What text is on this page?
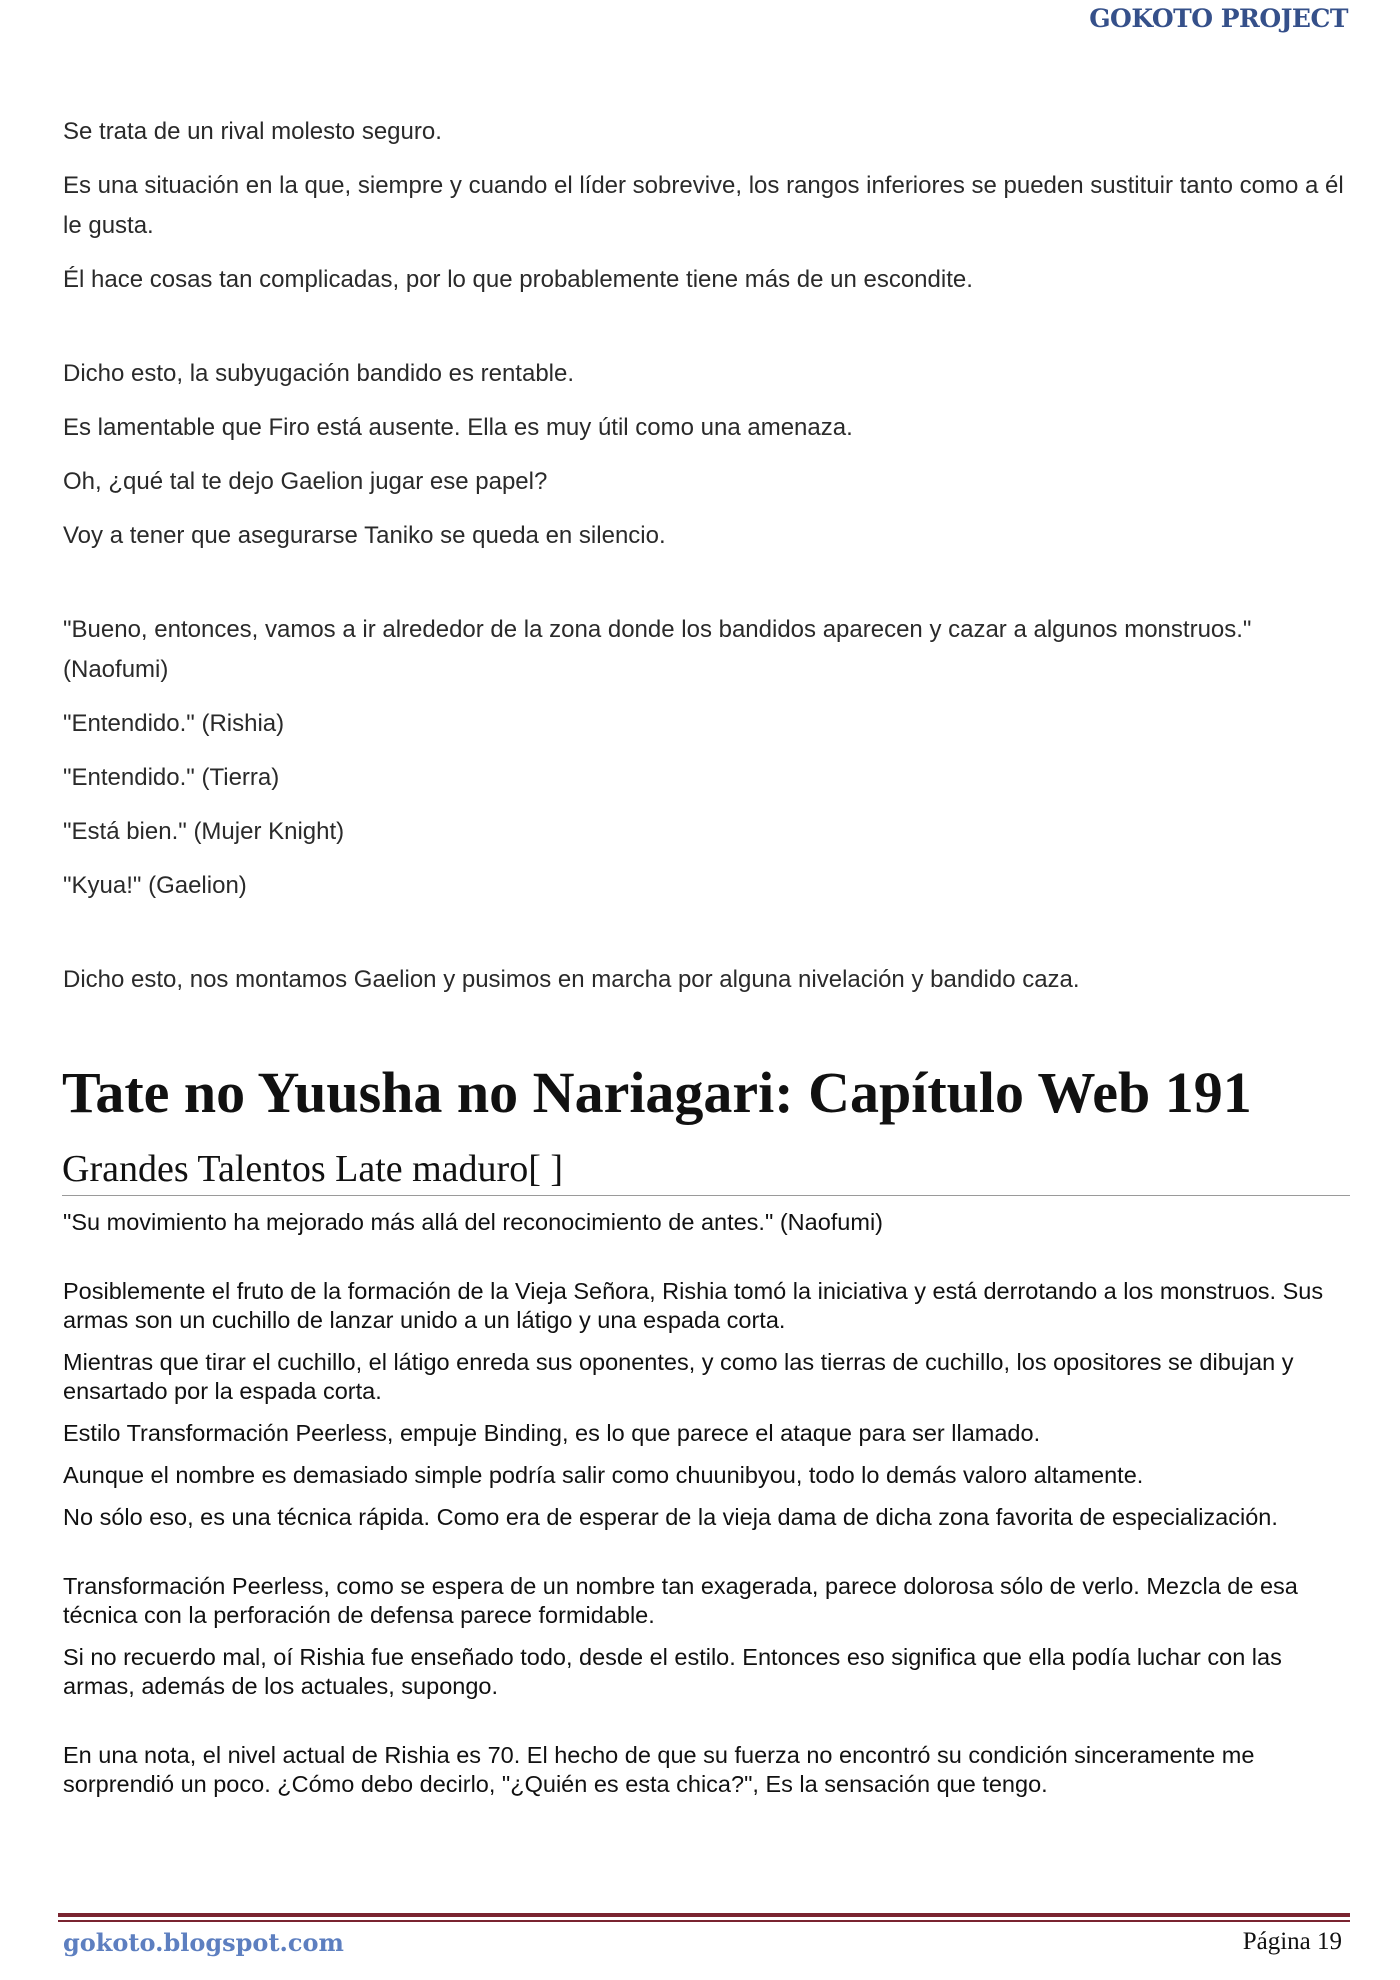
GOKOTO PROJECT

Se trata de un rival molesto seguro.

Es una situación en la que, siempre y cuando el líder sobrevive, los rangos inferiores se pueden sustituir tanto como a él le gusta.

Él hace cosas tan complicadas, por lo que probablemente tiene más de un escondite.

Dicho esto, la subyugación bandido es rentable.

Es lamentable que Firo está ausente. Ella es muy útil como una amenaza.

Oh, ¿qué tal te dejo Gaelion jugar ese papel?

Voy a tener que asegurarse Taniko se queda en silencio.

"Bueno, entonces, vamos a ir alrededor de la zona donde los bandidos aparecen y cazar a algunos monstruos." (Naofumi)

"Entendido." (Rishia)

"Entendido." (Tierra)

"Está bien." (Mujer Knight)

"Kyua!" (Gaelion)

Dicho esto, nos montamos Gaelion y pusimos en marcha por alguna nivelación y bandido caza.

Tate no Yuusha no Nariagari: Capítulo Web 191
Grandes Talentos Late maduro[ ]

"Su movimiento ha mejorado más allá del reconocimiento de antes." (Naofumi)

Posiblemente el fruto de la formación de la Vieja Señora, Rishia tomó la iniciativa y está derrotando a los monstruos. Sus armas son un cuchillo de lanzar unido a un látigo y una espada corta.

Mientras que tirar el cuchillo, el látigo enreda sus oponentes, y como las tierras de cuchillo, los opositores se dibujan y ensartado por la espada corta.

Estilo Transformación Peerless, empuje Binding, es lo que parece el ataque para ser llamado.

Aunque el nombre es demasiado simple podría salir como chuunibyou, todo lo demás valoro altamente.

No sólo eso, es una técnica rápida. Como era de esperar de la vieja dama de dicha zona favorita de especialización.

Transformación Peerless, como se espera de un nombre tan exagerada, parece dolorosa sólo de verlo. Mezcla de esa técnica con la perforación de defensa parece formidable.

Si no recuerdo mal, oí Rishia fue enseñado todo, desde el estilo. Entonces eso significa que ella podía luchar con las armas, además de los actuales, supongo.

En una nota, el nivel actual de Rishia es 70. El hecho de que su fuerza no encontró su condición sinceramente me sorprendió un poco. ¿Cómo debo decirlo, "¿Quién es esta chica?", Es la sensación que tengo.

gokoto.blogspot.com	Página 19
